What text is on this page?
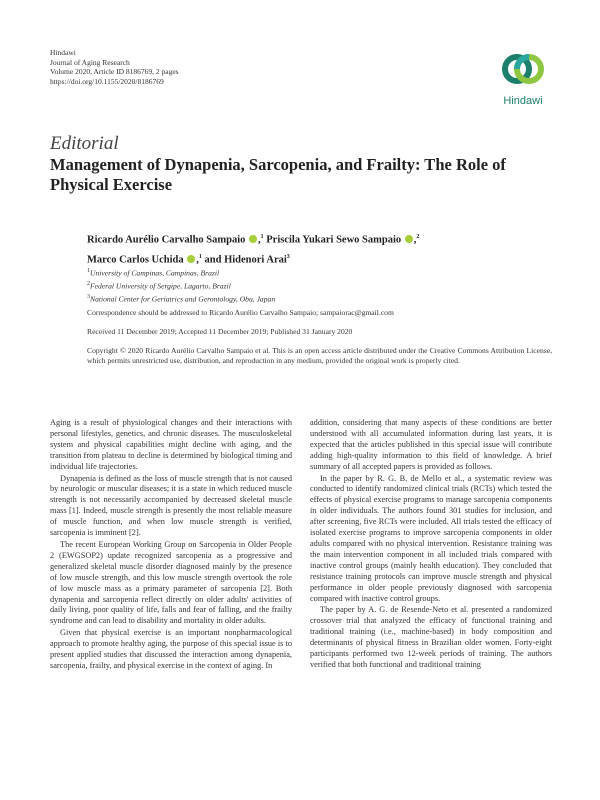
Hindawi
Journal of Aging Research
Volume 2020, Article ID 8186769, 2 pages
https://doi.org/10.1155/2020/8186769
Hindawi
Editorial
Management of Dynapenia, Sarcopenia, and Frailty: The Role of Physical Exercise
Ricardo Aurélio Carvalho Sampaio ,$^1$ Priscila Yukari Sewo Sampaio ,$^2$
Marco Carlos Uchida ,$^1$ and Hidenori Arai$^3$
$^1$University of Campinas, Campinas, Brazil
$^2$Federal University of Sergipe, Lagarto, Brazil
$^3$National Center for Geriatrics and Gerontology, Obu, Japan
Correspondence should be addressed to Ricardo Aurélio Carvalho Sampaio; sampaiorac@gmail.com
Received 11 December 2019; Accepted 11 December 2019; Published 31 January 2020
Copyright © 2020 Ricardo Aurélio Carvalho Sampaio et al. This is an open access article distributed under the Creative Commons Attribution License, which permits unrestricted use, distribution, and reproduction in any medium, provided the original work is properly cited.

Aging is a result of physiological changes and their interactions with personal lifestyles, genetics, and chronic diseases. The musculoskeletal system and physical capabilities might decline with aging, and the transition from plateau to decline is determined by biological timing and individual life trajectories.

Dynapenia is defined as the loss of muscle strength that is not caused by neurologic or muscular diseases; it is a state in which reduced muscle strength is not necessarily accompanied by decreased skeletal muscle mass [1]. Indeed, muscle strength is presently the most reliable measure of muscle function, and when low muscle strength is verified, sarcopenia is imminent [2].

The recent European Working Group on Sarcopenia in Older People 2 (EWGSOP2) update recognized sarcopenia as a progressive and generalized skeletal muscle disorder diagnosed mainly by the presence of low muscle strength, and this low muscle strength overtook the role of low muscle mass as a primary parameter of sarcopenia [2]. Both dynapenia and sarcopenia reflect directly on older adults' activities of daily living, poor quality of life, falls and fear of falling, and the frailty syndrome and can lead to disability and mortality in older adults.

Given that physical exercise is an important nonpharmacological approach to promote healthy aging, the purpose of this special issue is to present applied studies that discussed the interaction among dynapenia, sarcopenia, frailty, and physical exercise in the context of aging. In

addition, considering that many aspects of these conditions are better understood with all accumulated information during last years, it is expected that the articles published in this special issue will contribute adding high-quality information to this field of knowledge. A brief summary of all accepted papers is provided as follows.

In the paper by R. G. B. de Mello et al., a systematic review was conducted to identify randomized clinical trials (RCTs) which tested the effects of physical exercise programs to manage sarcopenia components in older individuals. The authors found 301 studies for inclusion, and after screening, five RCTs were included. All trials tested the efficacy of isolated exercise programs to improve sarcopenia components in older adults compared with no physical intervention. Resistance training was the main intervention component in all included trials compared with inactive control groups (mainly health education). They concluded that resistance training protocols can improve muscle strength and physical performance in older people previously diagnosed with sarcopenia compared with inactive control groups.

The paper by A. G. de Resende-Neto et al. presented a randomized crossover trial that analyzed the efficacy of functional training and traditional training (i.e., machine-based) in body composition and determinants of physical fitness in Brazilian older women. Forty-eight participants performed two 12-week periods of training. The authors verified that both functional and traditional training
